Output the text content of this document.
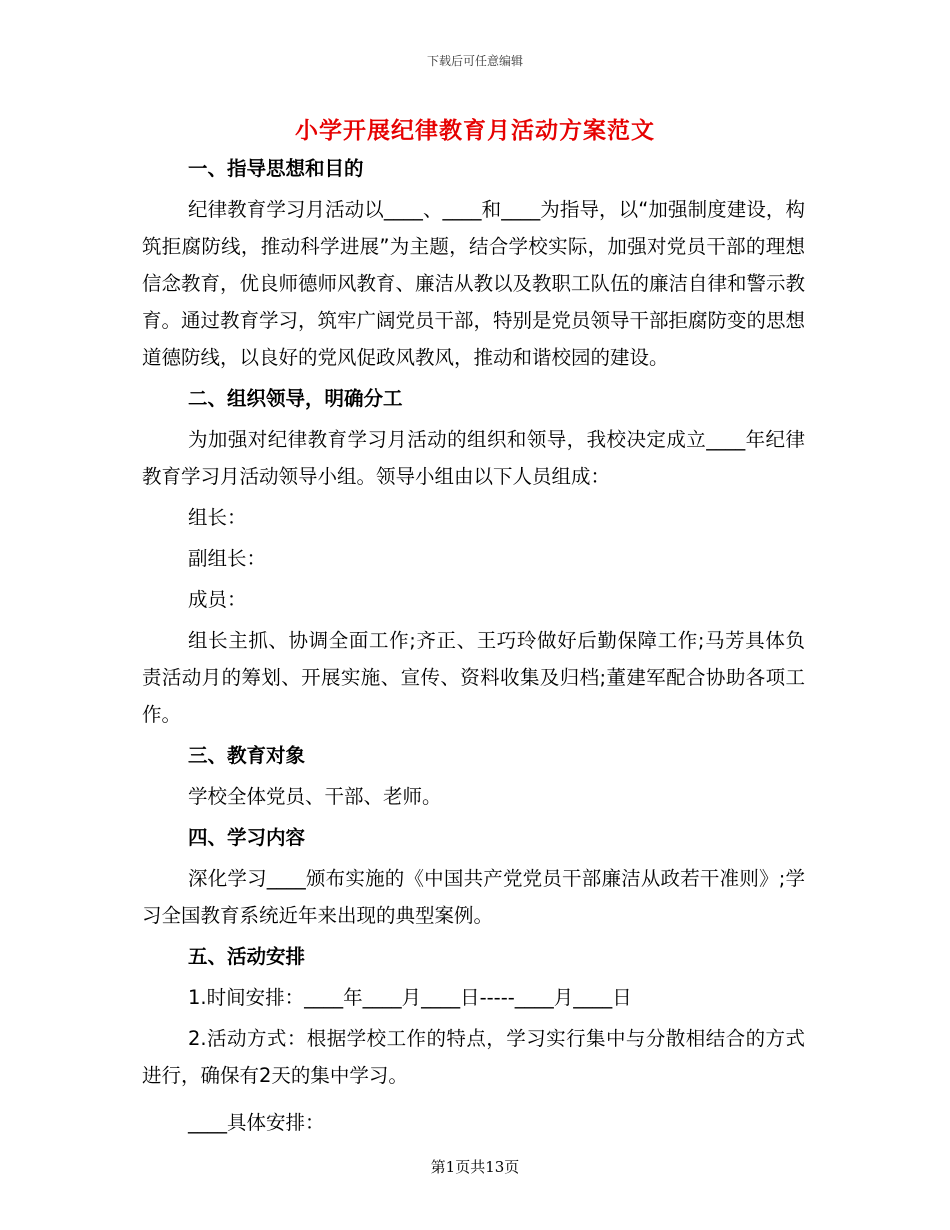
下载后可任意编辑
小学开展纪律教育月活动方案范文

一、指导思想和目的

纪律教育学习月活动以____、____和____为指导，以“加强制度建设，构筑拒腐防线，推动科学进展”为主题，结合学校实际，加强对党员干部的理想信念教育，优良师德师风教育、廉洁从教以及教职工队伍的廉洁自律和警示教育。通过教育学习，筑牢广阔党员干部，特别是党员领导干部拒腐防变的思想道德防线，以良好的党风促政风教风，推动和谐校园的建设。

二、组织领导，明确分工

为加强对纪律教育学习月活动的组织和领导，我校决定成立____年纪律教育学习月活动领导小组。领导小组由以下人员组成：

组长：

副组长：

成员：

组长主抓、协调全面工作;齐正、王巧玲做好后勤保障工作;马芳具体负责活动月的筹划、开展实施、宣传、资料收集及归档;董建军配合协助各项工作。

三、教育对象

学校全体党员、干部、老师。

四、学习内容

深化学习____颁布实施的《中国共产党党员干部廉洁从政若干准则》;学习全国教育系统近年来出现的典型案例。

五、活动安排

1.时间安排：____年____月____日-----____月____日

2.活动方式：根据学校工作的特点，学习实行集中与分散相结合的方式进行，确保有2天的集中学习。

____具体安排：

第1页共13页
